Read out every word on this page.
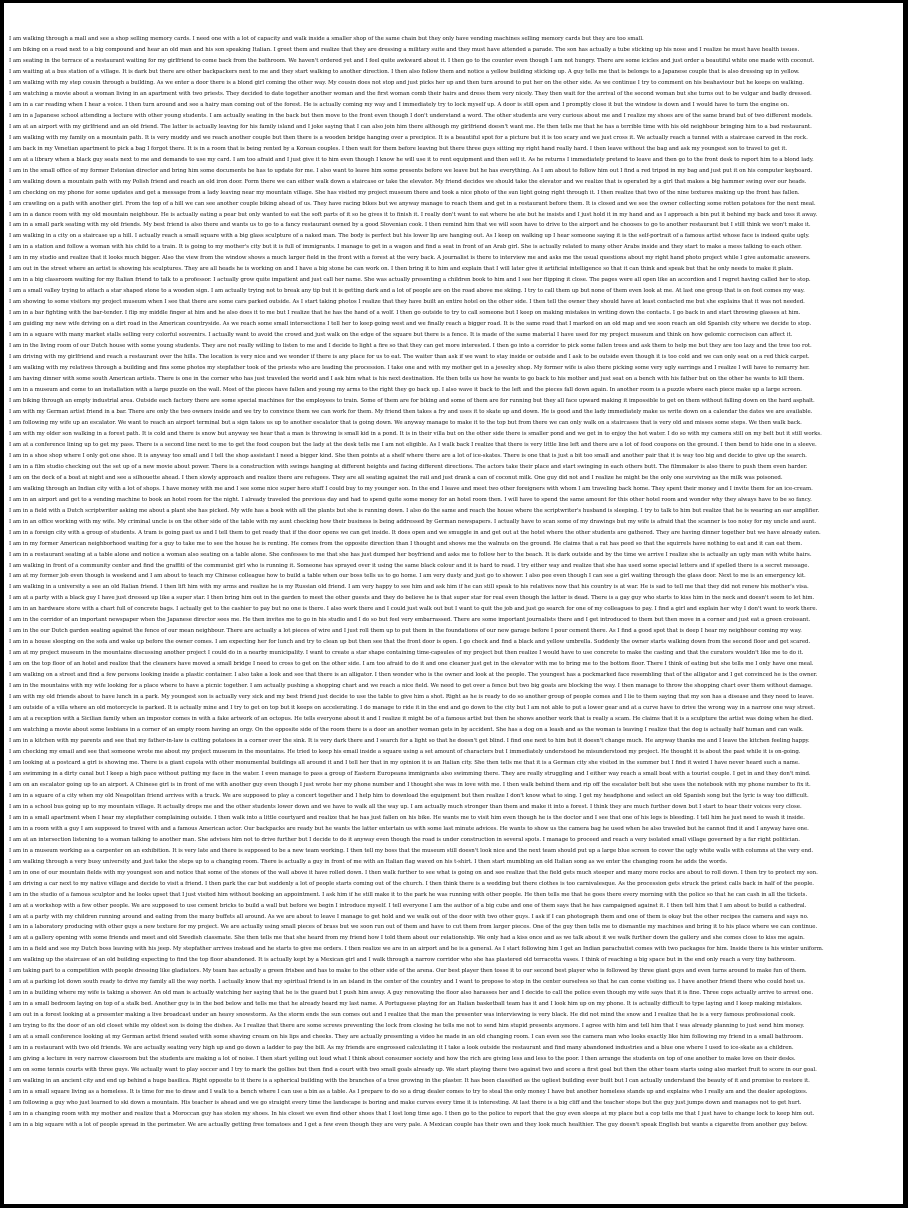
I am walking through a mall and see a shop selling memory cards. I need one with a lot of capacity and walk inside a smaller shop of the same chain but they only have vending machines selling memory cards but they are too small.
I am biking on a road next to a big compound and hear an old man and his son speaking Italian. I greet them and realize that they are dressing a military suite and they must have attended a parade. The son has actually a tube sticking up his nose and I realize he must have health issues.
I am seating in the terrace of a restaurant waiting for my girlfriend to come back from the bathroom. We haven't ordered yet and I feel quite awkward about it. I then go to the counter even though I am not hungry. There are some icicles and just order a beautiful white one made with coconut.
I am waiting at a bus station of a village. It is dark but there are other backpackers next to me and they start walking to another direction. I then also follow them and notice a yellow building sticking up. A guy tells me that is belongs to a Japanese couple that is also dressing up in yellow.
I am walking with my step cousin through a building. As we enter a door there is a blond girl coming the other way. My cousin does not stop and just picks her up and then turn around to put her on the other side. As we continue I try to comment on his beahaviour but he keeps on walking.
I am watching a movie about a woman living in an apartment with two priests. They decided to date together another woman and the first woman comb their hairs and dress them very nicely. They then wait for the arrival of the second woman but she turns out to be vulgar and badly dressed.
I am in a car reading when I hear a voice. I then turn around and see a hairy man coming out of the forest. He is actually coming my way and I immediately try to lock myself up. A door is still open and I promptly close it but the window is down and I would have to turn the engine on.
I am in a Japanese school attending a lecture with other young students. I am actually seating in the back but then move to the front even though I don't understand a word. The other students are very curious about me and I realize my shoes are of the same brand but of two different models.
I am at an airport with my girlfriend and an old friend. The latter is actually leaving for his family island and I joke saying that I can also join him there although my girlfriend doesn't want me. He then tells me that he has a terrible time with his old neighbour bringing him to a bad restaurant.
I am walking with my family on a mountain path. It is very muddy and we reach another couple but then there is a wooden bridge hanging over a precipice. It is a beautiful spot for a picture but it is too scary and we just cross it. We actually reach a tunnel with a staircase carved in the rock.
I am back in my Venetian apartment to pick a bag I forgot there. It is in a room that is being rented by a Korean couples. I then wait for them before leaving but there three guys sitting my right hand really hard. I then leave without the bag and ask my youngest son to travel to get it.
I am at a library when a black guy seats next to me and demands to use my card. I am too afraid and I just give it to him even though I know he will use it to rent equipment and then sell it. As he returns I immediately pretend to leave and then go to the front desk to report him to a blond lady.
I am in the small office of my former Estonian director and bring him some documents he has to update for me. I also want to leave him some presents before we leave but he has everything. As I am about to follow him out I find a red tripod in my bag and just put it on his computer keyboard.
I am walking down a mountain path with my Polish friend and reach an old iron door. Form there we can either walk down a staircase or take the elevator. My friend decides we should take the elevator and we realize that is operated by a girl that makes a big hammer swing over our heads.
I am checking on my phone for some updates and get a message from a lady leaving near my mountain village. She has visited my project museum there and took a nice photo of the sun light going right through it. I then realize that two of the nine textures making up the front has fallen.
I am crawling on a path with another girl. From the top of a hill we can see another couple biking ahead of us. They have racing bikes but we anyway manage to reach them and get in a restaurant before them. It is closed and we see the owner collecting some rotten potatoes for the next meal.
I am in a dance room with my old mountain neighbour. He is actually eating a pear but only wanted to eat the soft parts of it so he gives it to finish it. I really don't want to eat where he ate but he insists and I just hold it in my hand and as I approach a bin put it behind my back and toss it away.
I am in a small park seating with my old friends. My best friend is also there and wants us to go to a fancy restaurant owned by a good Slovenian cook. I then remind him that we will soon have to drive to the airport and he chooses to go to another restaurant but I still think we won't make it.
I am walking in a city on a staircase up a hill. I actually reach a small square with a big glass sculpture of a naked man. The body is perfect but his lower lip are hanging out. As I keep on walking up I hear someone saying it is the self-portrait of a famous artist whose face is indeed quite ugly.
I am in a station and follow a woman with his child to a train. It is going to my mother's city but it is full of immigrants. I manage to get in a wagon and find a seat in front of an Arab girl. She is actually related to many other Arabs inside and they start to make a mess talking to each other.
I am in my studio and realize that it looks much bigger. Also the view from the window shows a much larger field in the front with a forest at the very back. A journalist is there to interview me and asks me the usual questions about my right hand photo project while I give automatic answers.
I am out in the street where an artist is showing his sculptures. They are all heads he is working on and I have a big stone he can work on. I then bring it to him and explain that I will later give it artificial intelligence so that it can think and speak but that he only needs to make it plain.
I am in a big classroom waiting for my Italian friend to talk to a professor. I actually grow quite impatient and just call her name. She was actually presenting a children book to him and I see her flipping it close. The pages were all open like an accordion and I regret having called her to stop.
I am a small valley trying to attach a star shaped stone to a wooden sign. I am actually trying not to break any tip but it is getting dark and a lot of people are on the road above me skiing. I try to call them up but none of them even look at me. At last one group that is on foot comes my way.
I am showing to some visitors my project museum when I see that there are some cars parked outside. As I start taking photos I realize that they have built an entire hotel on the other side. I then tell the owner they should have at least contacted me but she explains that it was not needed.
I am in a bar fighting with the bar-tender. I flip my middle finger at him and he also does it to me but I realize that he has the hand of a wolf. I then go outside to try to call someone but I keep on making mistakes in writing down the contacts. I go back in and start throwing glasses at him.
I am guiding my new wife driving on a dirt road in the American countryside. As we reach some small intersections I tell her to keep going west and we finally reach a bigger road. It is the same road that I marked on an old map and we soon reach an old Spanish city where we decide to stop.
I am in a square with many market stalls selling very colorful souvenirs. I actually want to avoid the crowd and just walk on the edge of the square but there is a fence. It is made of the same material I have used for my project museum and think on how gelomic correcison can affect it.
I am in the living room of our Dutch house with some young students. They are not really willing to listen to me and I decide to light a fire so that they can get more interested. I then go into a corridor to pick some fallen trees and ask them to help me but they are too lazy and the tree too rot.
I am driving with my girlfriend and reach a restaurant over the hills. The location is very nice and we wonder if there is any place for us to eat. The waiter than ask if we want to stay inside or outside and I ask to be outside even though it is too cold and we can only seat on a red thick carpet.
I am walking with my relatives through a building and fins some photos my stepfather took of the priests who are leading the procession. I take one and with my mother get in a jewelry shop. My former wife is also there picking some very ugly earrings and I realize I will have to remarry her.
I am having dinner with some south American artists. There is one in the corner who has just traveled the world and I ask him what is his next destination. He then tells us how he wants to go back to his mother and just seat on a bench with his father but on the other he wants to kill them.
I am in a museum and come to an installation with a large puzzle on the wall. Most of the pieces have fallen and young my arms to the right they go back up. I also wave it back to the left and the pieces fall down again. In another room is a puzzle where each piece make up a large screen.
I am biking through an empty industrial area. Outside each factory there are some special machines for the employees to train. Some of them are for biking and some of them are for running but they all face upward making it impossible to get on them without falling down on the hard asphalt.
I am with my German artist friend in a bar. There are only the two owners inside and we try to convince them we can work for them. My friend then takes a fry and uses it to skate up and down. He is good and the lady immediately make us write down on a calendar the dates we are available.
I am following my wife up an escalator. We want to reach an airport terminal but a sign takes us up to another escalator that is going down. We anyway manage to make it to the top but from there we can only walk on a staircases that is very old and misses some steps. We then walk back.
I am with my older son walking in a forest path. It is cold and there is snow but anyway we hear that a man is throwing is small kid in a pond. It is in their villa but on the other side there is smaller pond and we get in to enjoy the hot water. I do so with my camera still on my belt but it still works.
I am at a conference lining up to get my pass. There is a second line next to me to get the food coupon but the lady at the desk tells me I am not eligible. As I walk back I realize that there is very little line left and there are a lot of food coupons on the ground. I then bend to hide one in a sleeve.
I am in a shoe shop where I only got one shoe. It is anyway too small and I tell the shop assistant I need a bigger kind. She then points at a shelf where there are a lot of ice-skates. There is one that is just a bit too small and another pair that it is way too big and decide to give up the search.
I am in a film studio checking out the set up of a new movie about power. There is a construction with swings hanging at different heights and facing different directions. The actors take their place and start swinging in each others butt. The filmmaker is also there to push them even harder.
I am on the deck of a boat at night and see a silhouette ahead. I then slowly approach and realize there are refugees. They are all seating against the rail and just drank a can of coconut milk. One guy did not and I realize he might be the only one surviving as the milk was poisoned.
I am walking through an Indian city with a lot of shops. I have money with me and I see some nice super hero stuff I could buy to my younger son. In the end I leave and meet two other foreigners with whom I am traveling back home. They spent their money and I invite them for an ice-cream.
I am in an airport and get to a vending machine to book an hotel room for the night. I already traveled the previous day and had to spend quite some money for an hotel room then. I will have to spend the same amount for this other hotel room and wonder why they always have to be so fancy.
I am in a field with a Dutch scriptwriter asking me about a plant she has picked. My wife has a book with all the plants but she is running down. I also do the same and reach the house where the scriptwriter's husband is sleeping. I try to talk to him but realize that he is wearing an ear amplifier.
I am in an office working with my wife. My criminal uncle is on the other side of the table with my aunt checking how their business is being addressed by German newspapers. I actually have to scan some of my drawings but my wife is afraid that the scanner is too noisy for my uncle and aunt.
I am in a foreign city with a group of students. A tram is going past us and I tell them to get ready that if the door opens we can get inside. It does open and we smuggle in and get out at the hotel where the other students are gathered. They are having dinner together but we have already eaten.
I am in my former American neighborhood waiting for a guy to take me to see the house he is renting. He comes from the opposite direction than I thought and shows me the walnuts on the ground. He claims that a rat has peed so that the squirrels have nothing to eat and it can eat them.
I am in a restaurant seating at a table alone and notice a woman also seating on a table alone. She confesses to me that she has just dumped her boyfriend and asks me to follow her to the beach. It is dark outside and by the time we arrive I realize she is actually an ugly man with white hairs.
I am walking in front of a community center and find the graffiti of the communist girl who is running it. Someone has sprayed over it using the same black colour and it is hard to read. I try either way and realize that she has used some special letters and if spelled there is a secret message.
I am at my former job even though is weekend and I am about to teach my Chinese colleague how to build a table when our boss tells us to go home. I am very dusty and just go to shower. I also pee even though I can see a girl waiting through the glass door. Next to me is an emergency kit.
I am walking in a university a see an old Italian friend. I then lift him with my arms and realize he is my Russian old friend. I am very happy to see him and ask him if he can still speak to his relatives now that his country is at war. He is sad to tell me that they did not renew his mother's visa.
I am at a party with a black guy I have just dressed up like a super star. I then bring him out in the garden to meet the other guests and they do believe he is that super star for real even though the latter is dead. There is a gay guy who starts to kiss him in the neck and doesn't seem to let him.
I am in an hardware store with a chart full of concrete bags. I actually get to the cashier to pay but no one is there. I also work there and I could just walk out but I want to quit the job and just go search for one of my colleagues to pay. I find a girl and explain her why I don't want to work there.
I am in the corridor of an important newspaper when the Japanese director sees me. He then invites me to go in his studio and I do so but feel very embarrassed. There are some important journalists there and I get introduced to them but then move in a corner and just eat a green croissant.
I am in the our Dutch garden seating against the fence of our mean neighbour. There are actually a lot pieces of wire and I just roll them up to put them in the foundations of our new garage before I pour cement there. As I find a good spot that is deep I hear my neighbour coming my way.
I am in a house sleeping on the sofa and wake up before the owner comes. I am expecting her for lunch and try to clean up but then see that the front door is open. I go check and find a black and yellow umbrella. Suddenly the owner starts walking down from the second floor and get scared.
I am at my project museum in the mountains discussing another project I could do in a nearby municipality. I want to create a star shape containing time-capsules of my project but then realize I would have to use concrete to make the casting and that the curators wouldn't like me to do it.
I am on the top floor of an hotel and realize that the cleaners have moved a small bridge I need to cross to get on the other side. I am too afraid to do it and one cleaner just get in the elevator with me to bring me to the bottom floor. There I think of eating but she tells me I only have one meal.
I am walking on a street and find a few persons looking inside a plastic container. I also take a look and see that there is an alligator. I then wonder who is the owner and look at the people. The youngest has a pockmarked face resembling that of the alligator and I get convinced he is the owner.
I am in the mountains with my wife looking for a place where to have a picnic together. I am actually pushing a shopping chart and we reach a nice field. We need to get over a fence but two big goats are blocking the way. I then manage to throw the shopping chart over them without damage.
I am with my old friends about to have lunch in a park. My youngest son is actually very sick and my best friend just decide to use the table to give him a shot. Right as he is ready to do so another group of people comes and I lie to them saying that my son has a disease and they need to leave.
I am outside of a villa where an old motorcycle is parked. It is actually mine and I try to get on top but it keeps on accelerating. I do manage to ride it in the end and go down to the city but I am not able to put a lower gear and at a curve have to drive the wrong way in a narrow one way street.
I am at a reception with a Sicilian family when an impostor comes in with a fake artwork of an octopus. He tells everyone about it and I realize it might be of a famous artist but then he shows another work that is really a scam. He claims that it is a sculpture the artist was doing when he died.
I am watching a movie about some lesbians in a corner of an empty room having an orgy. On the opposite side of the room there is a door an another woman gets in by accident. She has a dog on a leash and as the woman is leaving I realize that the dog is actually half human and can walk.
I am in a kitchen with my parents and see that my father-in-law is cutting potatoes in a corner over the sink. It is very dark there and I search for a light so that he doesn't get blind. I find one next to him but it doesn't change much. He anyway thanks me and I leave the kitchen feeling happy.
I am checking my email and see that someone wrote me about my project museum in the mountains. He tried to keep his email inside a square using a set amount of characters but I immediately understood he misunderstood my project. He thought it is about the past while it is on-going.
I am looking at a postcard a girl is showing me. There is a giant cupola with other monumental buildings all around it and I tell her that in my opinion it is an Italian city. She then tells me that it is a German city she visited in the summer but I find it weird I have never heard such a name.
I am swimming in a dirty canal but I keep a high pace without putting my face in the water. I even manage to pass a group of Eastern Europeans immigrants also swimming there. They are really struggling and I either way reach a small boat with a tourist couple. I get in and they don't mind.
I am on an escalator going up to an airport. A Chinese girl is in front of me with another guy even though I just wrote her my phone number and I thought she was in love with me. I then walk behind them and rip off the escalator belt but she uses the notebook with my phone number to fix it.
I am in a square of a city when my old Neapolitan friend arrives with a truck. We are supposed to play a concert together and I help him to download the equipment but then realize I don't know what to sing. I get my headphone and select an old Spanish song but the lyric is way too difficult.
I am in a school bus going up to my mountain village. It actually drops me and the other students lower down and we have to walk all the way up. I am actually much stronger than them and make it into a forest. I think they are much further down but I start to hear their voices very close.
I am in a small apartment when I hear my stepfather complaining outside. I then walk into a little courtyard and realize that he has just fallen on his bike. He wants me to visit him even though he is the doctor and I see that one of his legs is bleeding. I tell him he just need to wash it inside.
I am in a room with a guy I am supposed to travel with and a famous American actor. Our backpacks are ready but he wants the latter entertain us with some last minute advices. He wants to show us the camera bag he used when he also traveled but he cannot find it and I anyway have one.
I am at an intersection listening to a woman talking to another man. She advises him not to drive further but I decide to do it anyway even though the road is under construction in several spots. I manage to proceed and reach a very isolated small village governed by a far right politician.
I am in a museum working as a carpenter on an exhibition. It is very late and there is supposed to be a new team working. I then tell my boss that the museum still doesn't look nice and the next team should put up a large blue screen to cover the ugly white walls with columns at the very end.
I am walking through a very busy university and just take the steps up to a changing room. There is actually a guy in front of me with an Italian flag waved on his t-shirt. I then start mumbling an old Italian song as we enter the changing room he adds the words.
I am in one of our mountain fields with my youngest son and notice that some of the stones of the wall above it have rolled down. I then walk further to see what is going on and see realize that the field gets much steeper and many more rocks are about to roll down. I then try to protect my son.
I am driving a car next to my native village and decide to visit a friend. I then park the car but suddenly a lot of people starts coming out of the church. I then think there is a wedding but there clothes is too carnivalesque. As the procession gets struck the priest calls back in half of the people.
I am in the studio of a famous sculptor and he looks upset that I just visited him without booking an appointment. I ask him if he still make it to the park he was running with other people. He then tells me that he goes there every morning with the police so that he can cash in all the tickets.
I am at a workshop with a few other people. We are supposed to use cement bricks to build a wall but before we begin I introduce myself. I tell everyone I am the author of a big cube and one of them says that he has campaigned against it. I then tell him that I am about to build a cathedral.
I am at a party with my children running around and eating from the many buffets all around. As we are about to leave I manage to get hold and we walk out of the door with two other guys. I ask if I can photograph them and one of them is okay but the other recipes the camera and says no.
I am in a laboratory producing with other guys a new texture for my project. We are actually using small pieces of brass but we soon run out of them and have to cut them from larger pieces. One of the guy then tells me to dismantle my machines and bring it to his place where we can continue.
I am at a gallery opening with some friends and meet and old Swedish classmate. She then tells me that she heard from my friend how I told them about our relationship. We only had a kiss once and as we talk about it we walk further down the gallery and she comes close to kiss me again.
I am in a field and see my Dutch boss leaving with his jeep. My stepfather arrives instead and he starts to give me orders. I then realize we are in an airport and he is a general. As I start following him I get an Indian parachutist comes with two packages for him. Inside there is his winter uniform.
I am walking up the staircase of an old building expecting to find the top floor abandoned. It is actually kept by a Mexican girl and I walk through a narrow corridor who she has plastered old terracotta vases. I think of reaching a big space but in the end only reach a very tiny bathroom.
I am taking part to a competition with people dressing like gladiators. My team has actually a green frisbee and has to make to the other side of the arena. Our best player then tosse it to our second best player who is followed by three giant guys and even turns around to make fun of them.
I am at a parking lot down south ready to drive my family all the way north. I actually know that my spiritual friend is in an island in the center of the country and I want to propose to stop in the center ourselves so that he can come visiting us. I have another friend there who could host us.
I am in a building where my wife is taking a shower. An old man is actually watching her saying that he is the guard but I push him away. A guy renovating the floor also harasses her and I decide to call the police even though my wife says that it is fine. Three cops actually arrive to arrest one.
I am in a small bedroom laying on top of a stalk bed. Another guy is in the bed below and tells me that he already heard my last name. A Portuguese playing for an Italian basketball team has it and I look him up on my phone. It is actually difficult to type laying and I keep making mistakes.
I am out in a forest looking at a presenter making a live broadcast under an heavy snowstorm. As the storm ends the sun comes out and I realize that the man the presenter was interviewing is very black. He did not mind the snow and I realize that he is a very famous professional cook.
I am trying to fix the door of an old closet while my oldest son is doing the dishes. As I realize that there are some screws preventing the lock from closing he tells me not to send him stupid presents anymore. I agree with him and tell him that I was already planning to just send him money.
I am at a small conference looking at my German artist friend seated with some shaving cream on his lips and cheeks. They are actually presenting a video he made in an old changing room. I can even see the camera man who looks exactly like him following my friend in a small bathroom.
I am in a restaurant with two old friends. We are actually seating very high up and go down a ladder to pay the bill. As my friends are engrossed calculating it I take a look outside the restaurant and find many abandoned industries and a blue one where I used to ice-skate as a children.
I am giving a lecture in very narrow classroom but the students are making a lot of noise. I then start yelling out loud what I think about consumer society and how the rich are giving less and less to the poor. I then arrange the students on top of one another to make love on their desks.
I am on some tennis courts with three guys. We actually want to play soccer and I try to mark the gollies but then find a court with two small goals already up. We start playing there two against two and score a first goal but then the other team starts using also market fruit to score in our goal.
I am walking in an ancient city and end up behind a huge basilica. Right opposite to it there is a spherical building with the branches of a tree growing in the plaster. It has been classified as the ugliest building ever built but I can actually understand the beauty of it and promise to restore it.
I am in a small square living as a homeless. It is time for me to draw and I walk to a bench where I can use a bin as a table. As I prepare to do so a drug dealer comes to try to steal the only money I have but another homeless stands up and explains who I really am and the dealer apologizes.
I am following a guy who just learned to ski down a mountain. His teacher is ahead and we go straight every time the landscape is boring and make curves every time it is interesting. At last there is a big cliff and the teacher stops but the guy just jumps down and manages not to get hurt.
I am in a changing room with my mother and realize that a Moroccan guy has stolen my shoes. In his closet we even find other shoes that I lost long time ago. I then go to the police to report that the guy even sleeps at my place but a cop tells me that I just have to change lock to keep him out.
I am in a big square with a lot of people spread in the perimeter. We are actually getting free tomatoes and I get a few even though they are very pale. A Mexican couple has their own and they look much healthier. The guy doesn't speak English but wants a cigarette from another guy below.
